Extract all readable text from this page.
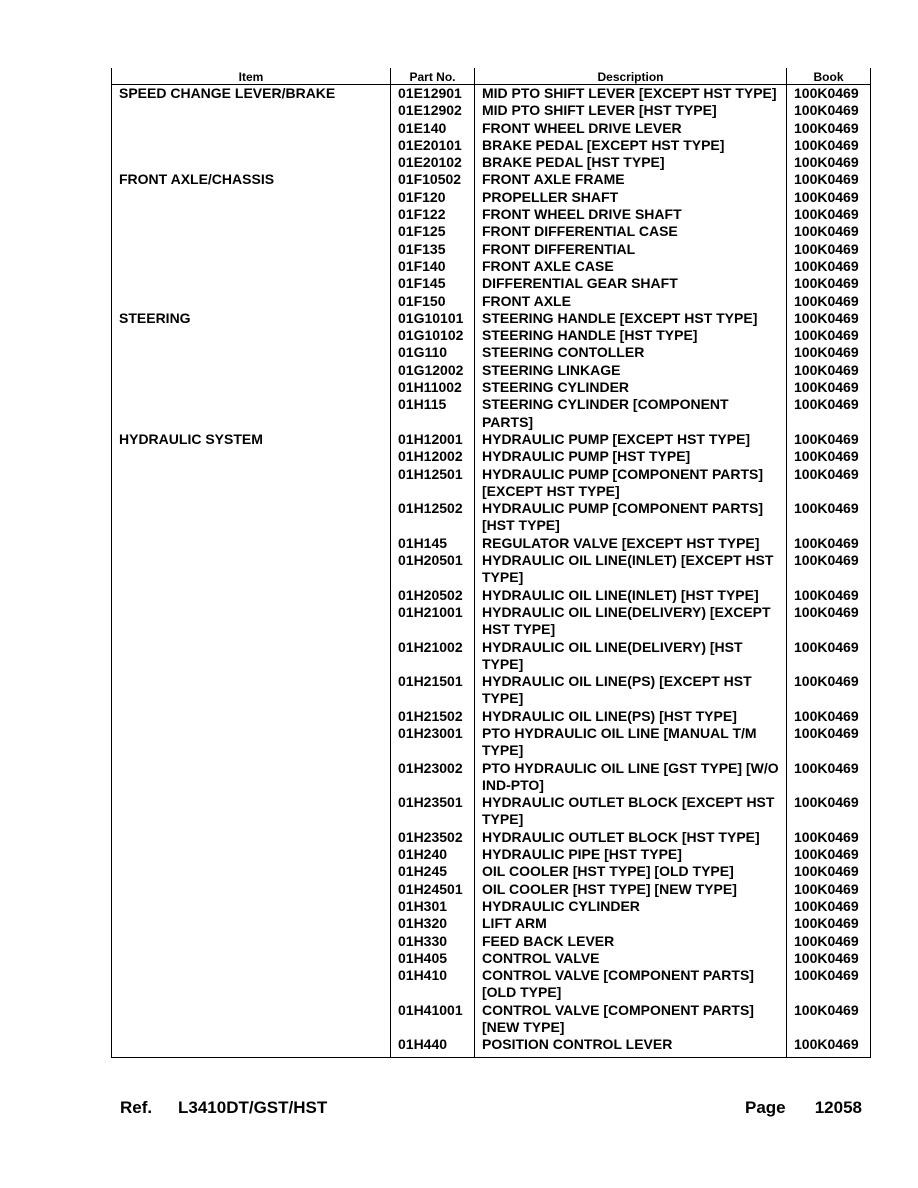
Item	Part No.	Description	Book
SPEED CHANGE LEVER/BRAKE	01E12901	MID PTO SHIFT LEVER [EXCEPT HST TYPE]	100K0469
	01E12902	MID PTO SHIFT LEVER [HST TYPE]	100K0469
	01E140	FRONT WHEEL DRIVE LEVER	100K0469
	01E20101	BRAKE PEDAL [EXCEPT HST TYPE]	100K0469
	01E20102	BRAKE PEDAL [HST TYPE]	100K0469
FRONT AXLE/CHASSIS	01F10502	FRONT AXLE FRAME	100K0469
	01F120	PROPELLER SHAFT	100K0469
	01F122	FRONT WHEEL DRIVE SHAFT	100K0469
	01F125	FRONT DIFFERENTIAL CASE	100K0469
	01F135	FRONT DIFFERENTIAL	100K0469
	01F140	FRONT AXLE CASE	100K0469
	01F145	DIFFERENTIAL GEAR SHAFT	100K0469
	01F150	FRONT AXLE	100K0469
STEERING	01G10101	STEERING HANDLE [EXCEPT HST TYPE]	100K0469
	01G10102	STEERING HANDLE [HST TYPE]	100K0469
	01G110	STEERING CONTOLLER	100K0469
	01G12002	STEERING LINKAGE	100K0469
	01H11002	STEERING CYLINDER	100K0469
	01H115	STEERING CYLINDER [COMPONENT PARTS]	100K0469
HYDRAULIC SYSTEM	01H12001	HYDRAULIC PUMP [EXCEPT HST TYPE]	100K0469
	01H12002	HYDRAULIC PUMP [HST TYPE]	100K0469
	01H12501	HYDRAULIC PUMP [COMPONENT PARTS] [EXCEPT HST TYPE]	100K0469
	01H12502	HYDRAULIC PUMP [COMPONENT PARTS] [HST TYPE]	100K0469
	01H145	REGULATOR VALVE [EXCEPT HST TYPE]	100K0469
	01H20501	HYDRAULIC OIL LINE(INLET) [EXCEPT HST TYPE]	100K0469
	01H20502	HYDRAULIC OIL LINE(INLET) [HST TYPE]	100K0469
	01H21001	HYDRAULIC OIL LINE(DELIVERY) [EXCEPT HST TYPE]	100K0469
	01H21002	HYDRAULIC OIL LINE(DELIVERY) [HST TYPE]	100K0469
	01H21501	HYDRAULIC OIL LINE(PS) [EXCEPT HST TYPE]	100K0469
	01H21502	HYDRAULIC OIL LINE(PS) [HST TYPE]	100K0469
	01H23001	PTO HYDRAULIC OIL LINE [MANUAL T/M TYPE]	100K0469
	01H23002	PTO HYDRAULIC OIL LINE [GST TYPE] [W/O IND-PTO]	100K0469
	01H23501	HYDRAULIC OUTLET BLOCK [EXCEPT HST TYPE]	100K0469
	01H23502	HYDRAULIC OUTLET BLOCK [HST TYPE]	100K0469
	01H240	HYDRAULIC PIPE [HST TYPE]	100K0469
	01H245	OIL COOLER [HST TYPE] [OLD TYPE]	100K0469
	01H24501	OIL COOLER [HST TYPE] [NEW TYPE]	100K0469
	01H301	HYDRAULIC CYLINDER	100K0469
	01H320	LIFT ARM	100K0469
	01H330	FEED BACK LEVER	100K0469
	01H405	CONTROL VALVE	100K0469
	01H410	CONTROL VALVE [COMPONENT PARTS] [OLD TYPE]	100K0469
	01H41001	CONTROL VALVE [COMPONENT PARTS] [NEW TYPE]	100K0469
	01H440	POSITION CONTROL LEVER	100K0469
Ref. L3410DT/GST/HST	Page 12058
